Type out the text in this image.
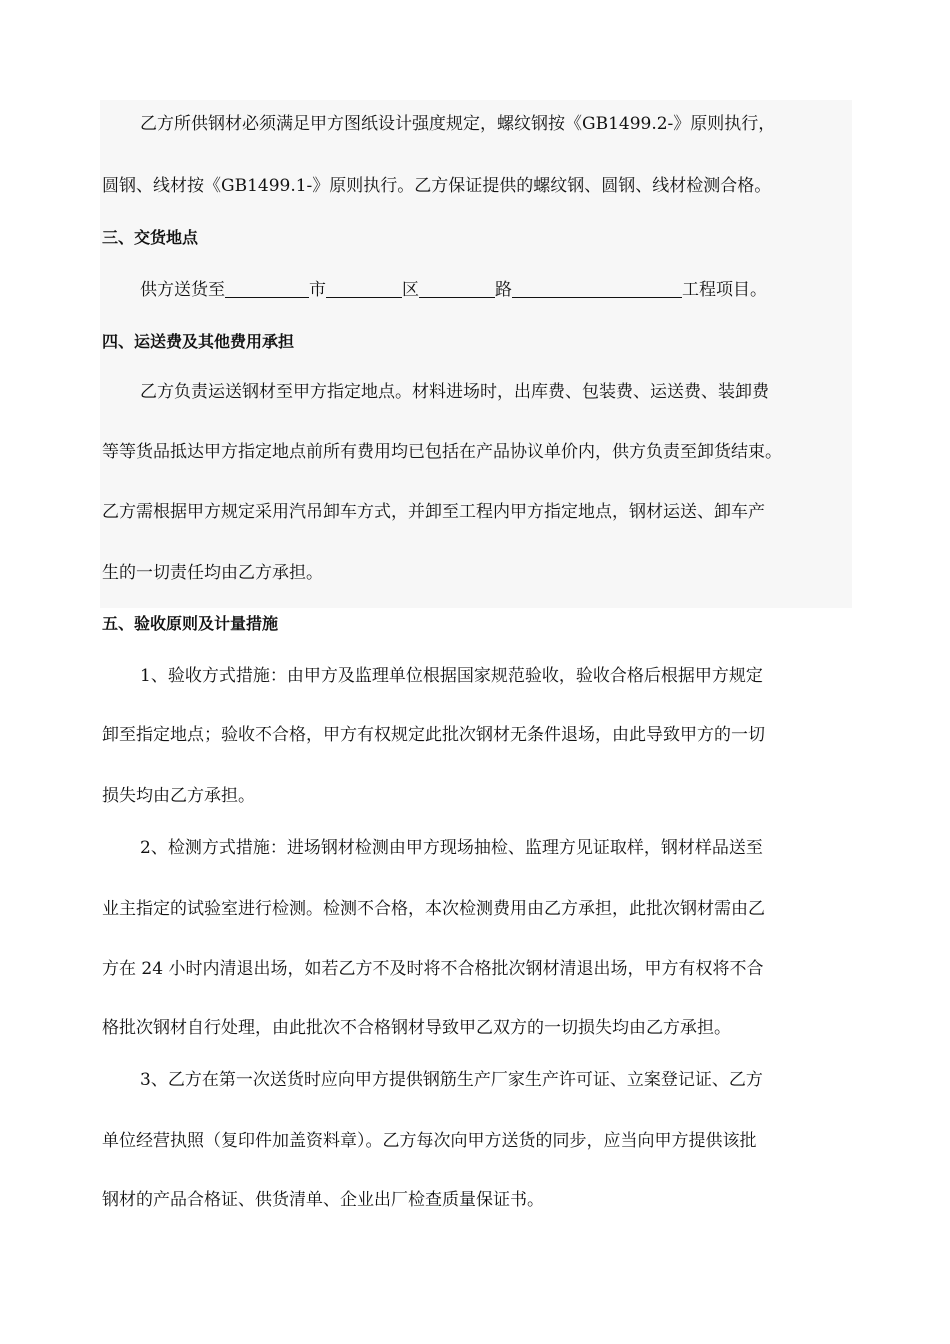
乙方所供钢材必须满足甲方图纸设计强度规定，螺纹钢按《GB1499.2-》原则执行，
圆钢、线材按《GB1499.1-》原则执行。乙方保证提供的螺纹钢、圆钢、线材检测合格。
三、交货地点
供方送货至	市	区	路	工程项目。
四、运送费及其他费用承担
乙方负责运送钢材至甲方指定地点。材料进场时，出库费、包装费、运送费、装卸费
等等货品抵达甲方指定地点前所有费用均已包括在产品协议单价内，供方负责至卸货结束。
乙方需根据甲方规定采用汽吊卸车方式，并卸至工程内甲方指定地点，钢材运送、卸车产
生的一切责任均由乙方承担。
五、验收原则及计量措施
1、验收方式措施：由甲方及监理单位根据国家规范验收，验收合格后根据甲方规定
卸至指定地点；验收不合格，甲方有权规定此批次钢材无条件退场，由此导致甲方的一切
损失均由乙方承担。
2、检测方式措施：进场钢材检测由甲方现场抽检、监理方见证取样，钢材样品送至
业主指定的试验室进行检测。检测不合格，本次检测费用由乙方承担，此批次钢材需由乙
方在 24 小时内清退出场，如若乙方不及时将不合格批次钢材清退出场，甲方有权将不合
格批次钢材自行处理，由此批次不合格钢材导致甲乙双方的一切损失均由乙方承担。
3、乙方在第一次送货时应向甲方提供钢筋生产厂家生产许可证、立案登记证、乙方
单位经营执照（复印件加盖资料章）。乙方每次向甲方送货的同步，应当向甲方提供该批
钢材的产品合格证、供货清单、企业出厂检查质量保证书。
